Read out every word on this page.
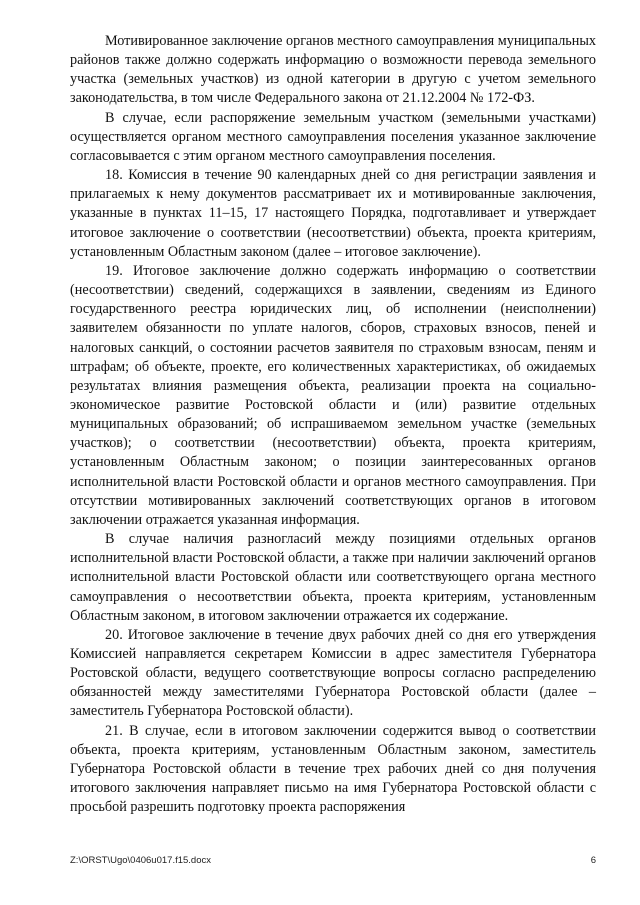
Мотивированное заключение органов местного самоуправления муниципальных районов также должно содержать информацию о возможности перевода земельного участка (земельных участков) из одной категории в другую с учетом земельного законодательства, в том числе Федерального закона от 21.12.2004 № 172-ФЗ.

В случае, если распоряжение земельным участком (земельными участками) осуществляется органом местного самоуправления поселения указанное заключение согласовывается с этим органом местного самоуправления поселения.

18. Комиссия в течение 90 календарных дней со дня регистрации заявления и прилагаемых к нему документов рассматривает их и мотивированные заключения, указанные в пунктах 11–15, 17 настоящего Порядка, подготавливает и утверждает итоговое заключение о соответствии (несоответствии) объекта, проекта критериям, установленным Областным законом (далее – итоговое заключение).

19. Итоговое заключение должно содержать информацию о соответствии (несоответствии) сведений, содержащихся в заявлении, сведениям из Единого государственного реестра юридических лиц, об исполнении (неисполнении) заявителем обязанности по уплате налогов, сборов, страховых взносов, пеней и налоговых санкций, о состоянии расчетов заявителя по страховым взносам, пеням и штрафам; об объекте, проекте, его количественных характеристиках, об ожидаемых результатах влияния размещения объекта, реализации проекта на социально-экономическое развитие Ростовской области и (или) развитие отдельных муниципальных образований; об испрашиваемом земельном участке (земельных участков); о соответствии (несоответствии) объекта, проекта критериям, установленным Областным законом; о позиции заинтересованных органов исполнительной власти Ростовской области и органов местного самоуправления. При отсутствии мотивированных заключений соответствующих органов в итоговом заключении отражается указанная информация.

В случае наличия разногласий между позициями отдельных органов исполнительной власти Ростовской области, а также при наличии заключений органов исполнительной власти Ростовской области или соответствующего органа местного самоуправления о несоответствии объекта, проекта критериям, установленным Областным законом, в итоговом заключении отражается их содержание.

20. Итоговое заключение в течение двух рабочих дней со дня его утверждения Комиссией направляется секретарем Комиссии в адрес заместителя Губернатора Ростовской области, ведущего соответствующие вопросы согласно распределению обязанностей между заместителями Губернатора Ростовской области (далее – заместитель Губернатора Ростовской области).

21. В случае, если в итоговом заключении содержится вывод о соответствии объекта, проекта критериям, установленным Областным законом, заместитель Губернатора Ростовской области в течение трех рабочих дней со дня получения итогового заключения направляет письмо на имя Губернатора Ростовской области с просьбой разрешить подготовку проекта распоряжения

Z:\ORST\Ugo\0406u017.f15.docx	6
